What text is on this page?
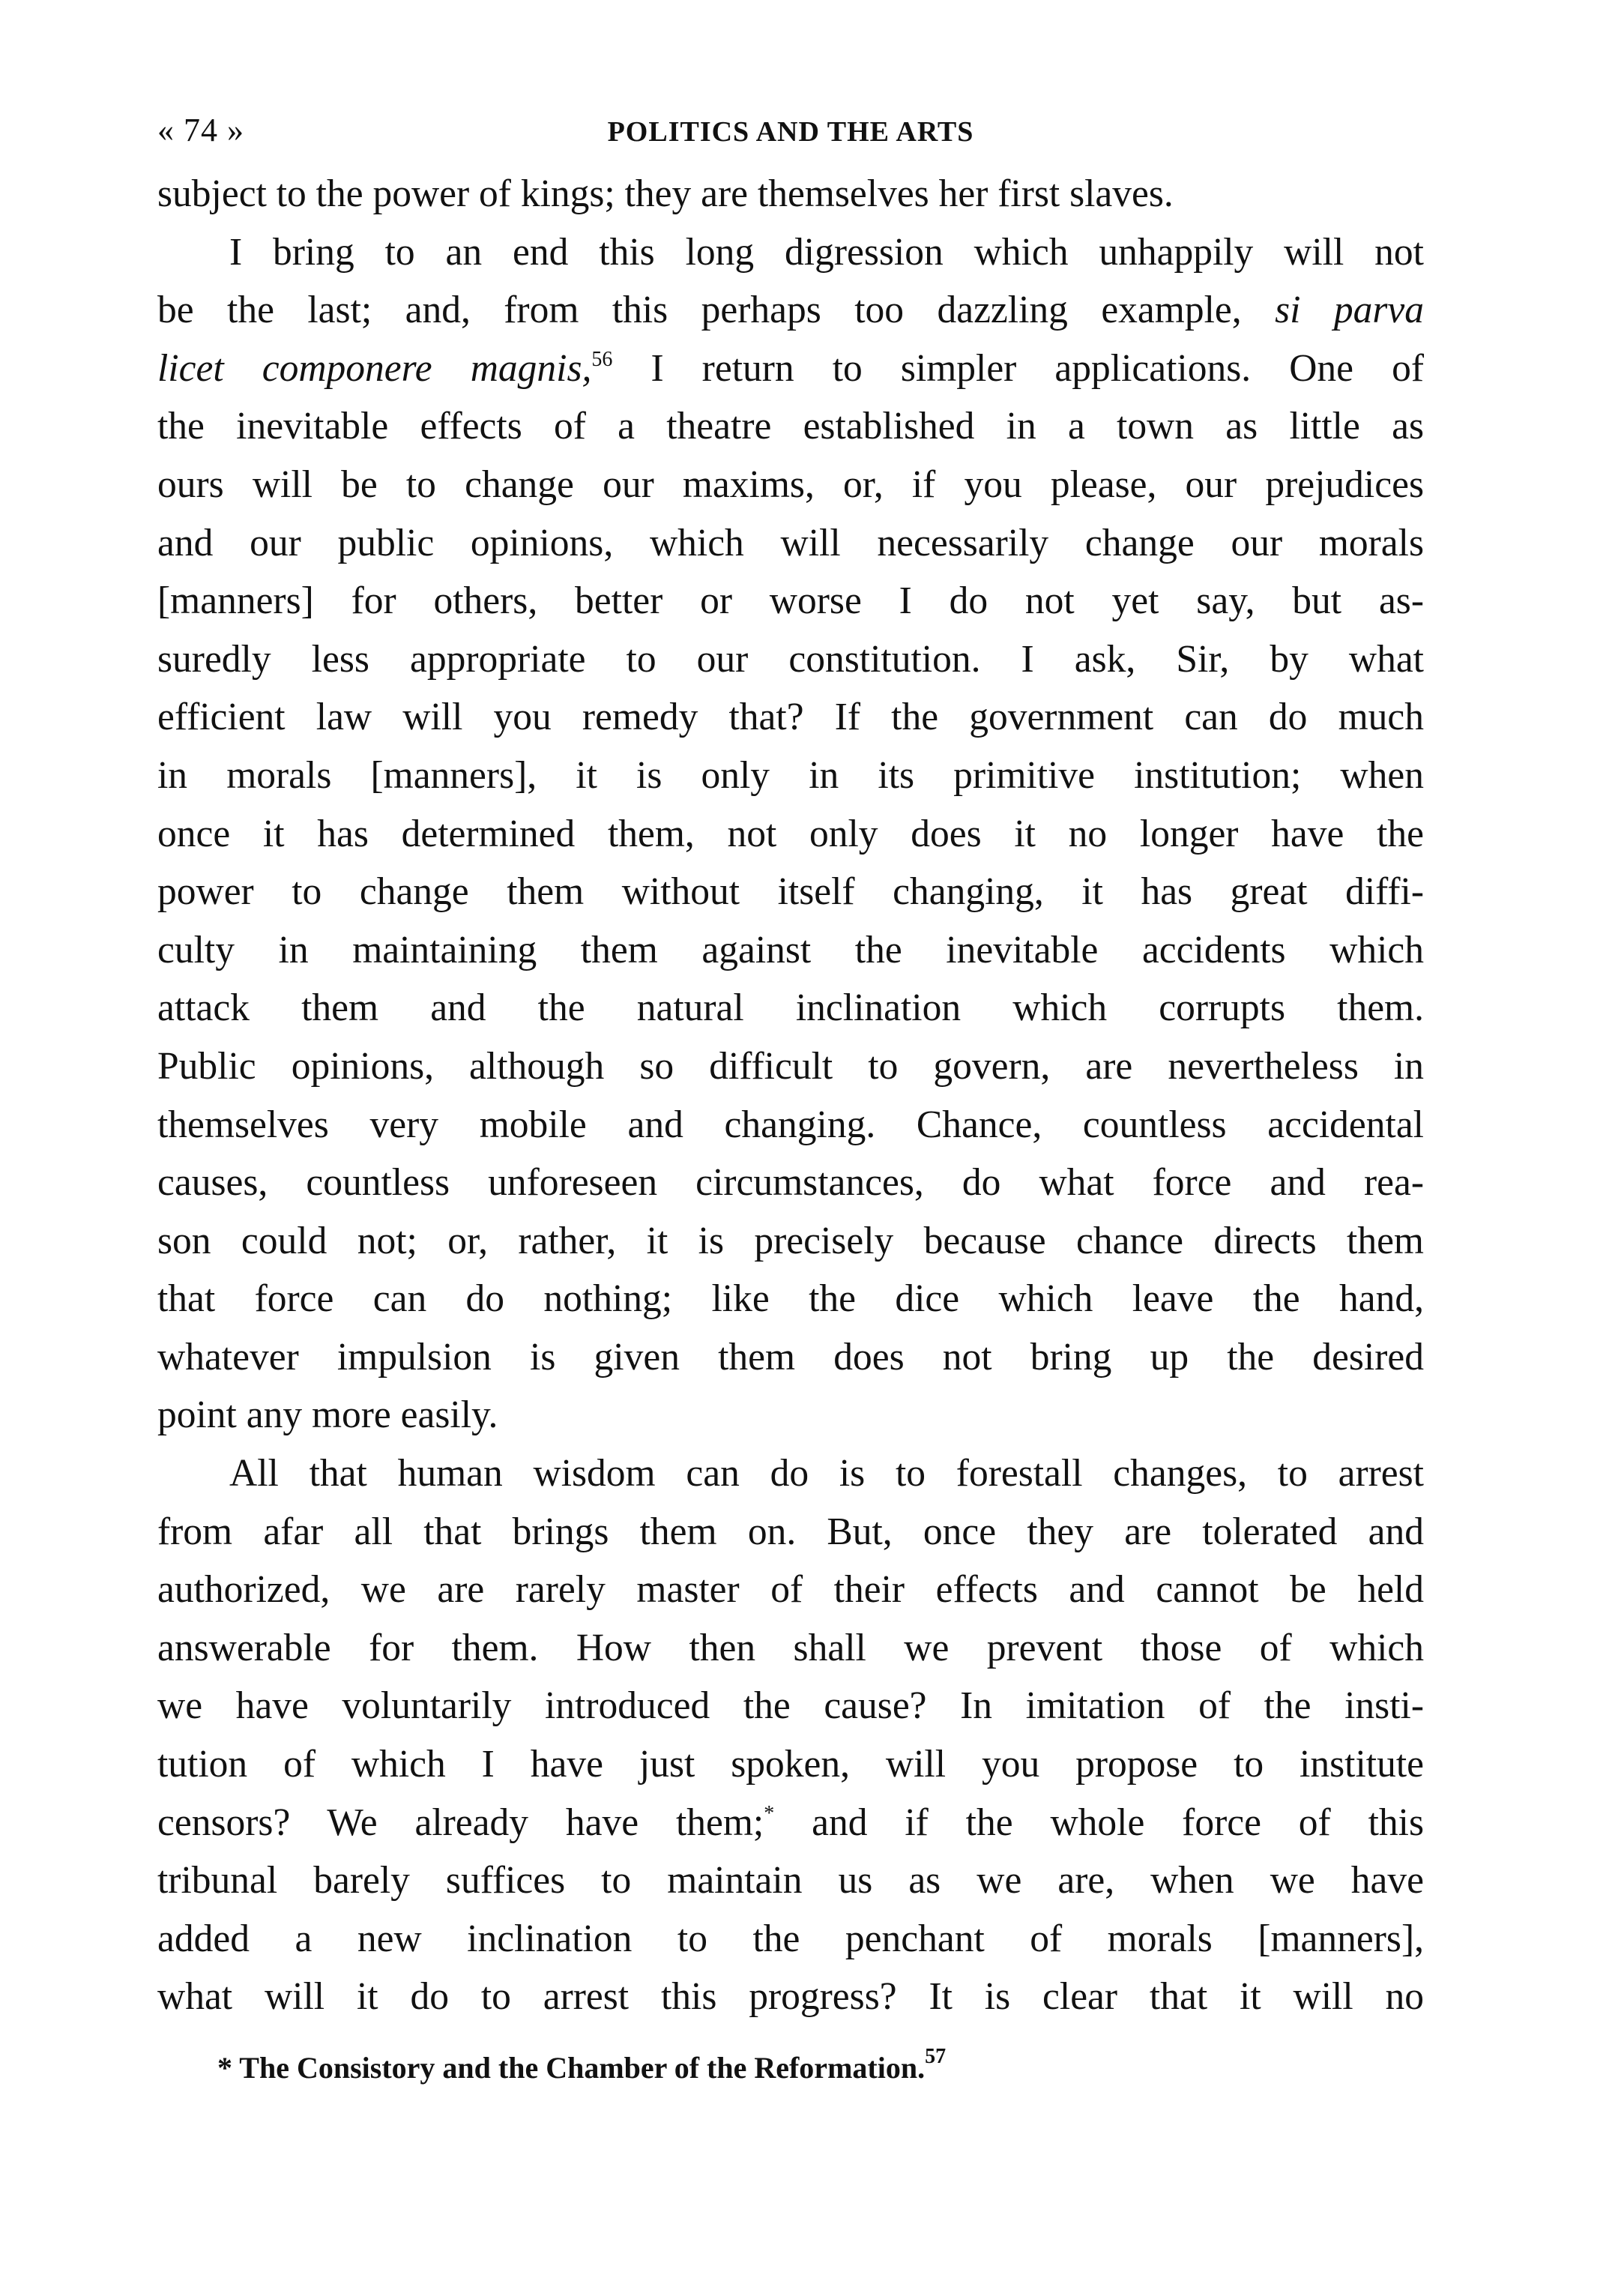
« 74 »	POLITICS AND THE ARTS
subject to the power of kings; they are themselves her first slaves.
I bring to an end this long digression which unhappily will not
be the last; and, from this perhaps too dazzling example, si parva
licet componere magnis,$^{56}$ I return to simpler applications. One of
the inevitable effects of a theatre established in a town as little as
ours will be to change our maxims, or, if you please, our prejudices
and our public opinions, which will necessarily change our morals
[manners] for others, better or worse I do not yet say, but as-
suredly less appropriate to our constitution. I ask, Sir, by what
efficient law will you remedy that? If the government can do much
in morals [manners], it is only in its primitive institution; when
once it has determined them, not only does it no longer have the
power to change them without itself changing, it has great diffi-
culty in maintaining them against the inevitable accidents which
attack them and the natural inclination which corrupts them.
Public opinions, although so difficult to govern, are nevertheless in
themselves very mobile and changing. Chance, countless accidental
causes, countless unforeseen circumstances, do what force and rea-
son could not; or, rather, it is precisely because chance directs them
that force can do nothing; like the dice which leave the hand,
whatever impulsion is given them does not bring up the desired
point any more easily.
All that human wisdom can do is to forestall changes, to arrest
from afar all that brings them on. But, once they are tolerated and
authorized, we are rarely master of their effects and cannot be held
answerable for them. How then shall we prevent those of which
we have voluntarily introduced the cause? In imitation of the insti-
tution of which I have just spoken, will you propose to institute
censors? We already have them;* and if the whole force of this
tribunal barely suffices to maintain us as we are, when we have
added a new inclination to the penchant of morals [manners],
what will it do to arrest this progress? It is clear that it will no
* The Consistory and the Chamber of the Reformation.$^{57}$
